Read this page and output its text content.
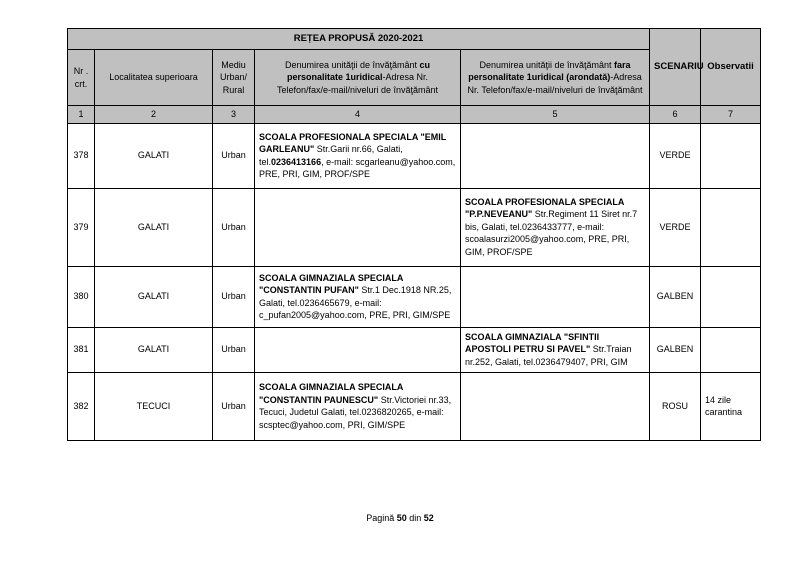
REȚEA PROPUSĂ 2020-2021					SCENARIU	Observatii
Nr . crt.	Localitatea superioara	Mediu Urban/ Rural	Denumirea unităţii de învăţământ cu personalitate 1uridical-Adresa Nr. Telefon/fax/e-mail/niveluri de învăţământ	Denumirea unităţii de învăţământ fara personalitate 1uridical (arondată)-Adresa Nr. Telefon/fax/e-mail/niveluri de învăţământ		
1	2	3	4	5	6	7
378	GALATI	Urban	SCOALA PROFESIONALA SPECIALA "EMIL GARLEANU" Str.Garii nr.66, Galati, tel.0236413166, e-mail: scgarleanu@yahoo.com, PRE, PRI, GIM, PROF/SPE		VERDE	
379	GALATI	Urban		SCOALA PROFESIONALA SPECIALA "P.P.NEVEANU" Str.Regiment 11 Siret nr.7 bis, Galati, tel.0236433777, e-mail: scoalasurzi2005@yahoo.com, PRE, PRI, GIM, PROF/SPE	VERDE	
380	GALATI	Urban	SCOALA GIMNAZIALA SPECIALA "CONSTANTIN PUFAN" Str.1 Dec.1918 NR.25, Galati, tel.0236465679, e-mail: c_pufan2005@yahoo.com, PRE, PRI, GIM/SPE		GALBEN	
381	GALATI	Urban		SCOALA GIMNAZIALA "SFINTII APOSTOLI PETRU SI PAVEL" Str.Traian nr.252, Galati, tel.0236479407, PRI, GIM	GALBEN	
382	TECUCI	Urban	SCOALA GIMNAZIALA SPECIALA "CONSTANTIN PAUNESCU" Str.Victoriei nr.33, Tecuci, Judetul Galati, tel.0236820265, e-mail: scsptec@yahoo.com, PRI, GIM/SPE		ROSU	14 zile carantina
Pagină 50 din 52
